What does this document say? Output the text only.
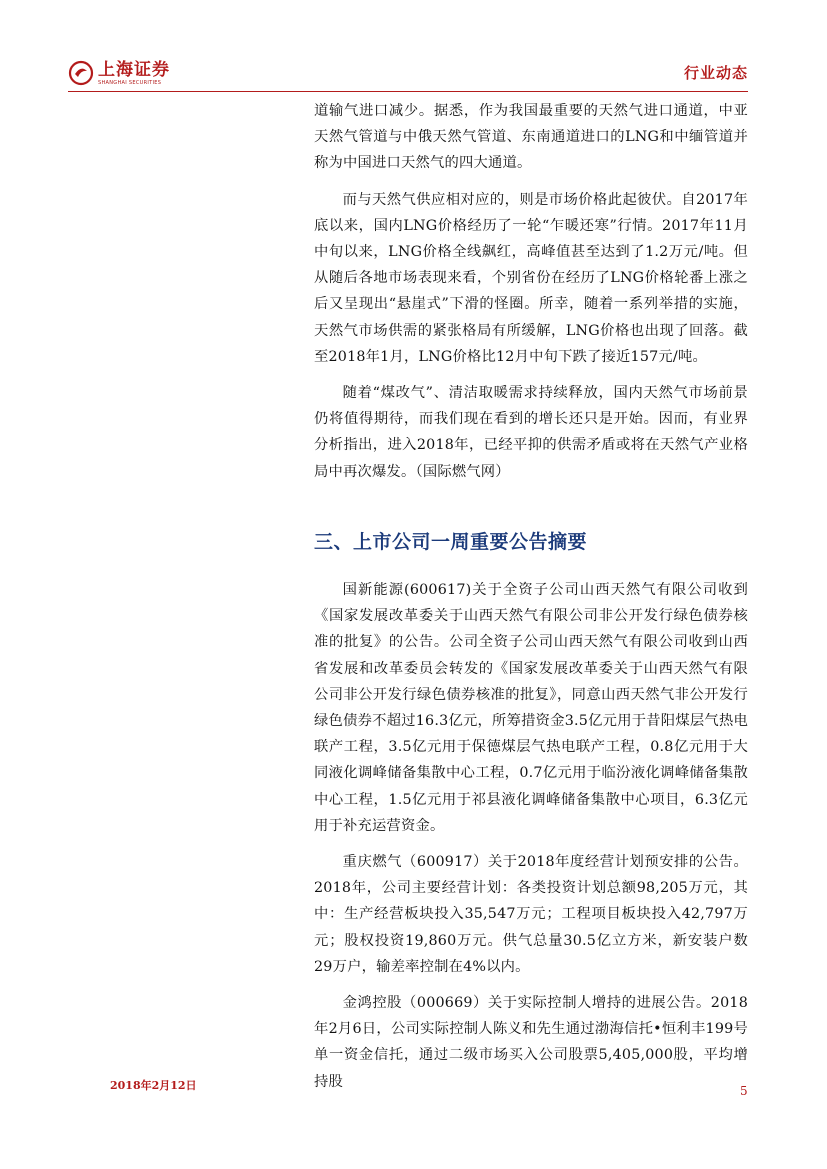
上海证券
SHANGHAI SECURITIES
行业动态

道输气进口减少。据悉，作为我国最重要的天然气进口通道，中亚天然气管道与中俄天然气管道、东南通道进口的LNG和中缅管道并称为中国进口天然气的四大通道。

而与天然气供应相对应的，则是市场价格此起彼伏。自2017年底以来，国内LNG价格经历了一轮“乍暖还寒”行情。2017年11月中旬以来，LNG价格全线飙红，高峰值甚至达到了1.2万元/吨。但从随后各地市场表现来看，个别省份在经历了LNG价格轮番上涨之后又呈现出“悬崖式”下滑的怪圈。所幸，随着一系列举措的实施，天然气市场供需的紧张格局有所缓解，LNG价格也出现了回落。截至2018年1月，LNG价格比12月中旬下跌了接近157元/吨。

随着“煤改气”、清洁取暖需求持续释放，国内天然气市场前景仍将值得期待，而我们现在看到的增长还只是开始。因而，有业界分析指出，进入2018年，已经平抑的供需矛盾或将在天然气产业格局中再次爆发。（国际燃气网）

三、上市公司一周重要公告摘要

国新能源(600617)关于全资子公司山西天然气有限公司收到《国家发展改革委关于山西天然气有限公司非公开发行绿色债券核准的批复》的公告。公司全资子公司山西天然气有限公司收到山西省发展和改革委员会转发的《国家发展改革委关于山西天然气有限公司非公开发行绿色债券核准的批复》，同意山西天然气非公开发行绿色债券不超过16.3亿元，所筹措资金3.5亿元用于昔阳煤层气热电联产工程，3.5亿元用于保德煤层气热电联产工程，0.8亿元用于大同液化调峰储备集散中心工程，0.7亿元用于临汾液化调峰储备集散中心工程，1.5亿元用于祁县液化调峰储备集散中心项目，6.3亿元用于补充运营资金。

重庆燃气（600917）关于2018年度经营计划预安排的公告。2018年，公司主要经营计划：各类投资计划总额98,205万元，其中：生产经营板块投入35,547万元；工程项目板块投入42,797万元；股权投资19,860万元。供气总量30.5亿立方米，新安装户数29万户，输差率控制在4%以内。

金鸿控股（000669）关于实际控制人增持的进展公告。2018年2月6日，公司实际控制人陈义和先生通过渤海信托•恒利丰199号单一资金信托，通过二级市场买入公司股票5,405,000股，平均增持股

2018年2月12日	5
